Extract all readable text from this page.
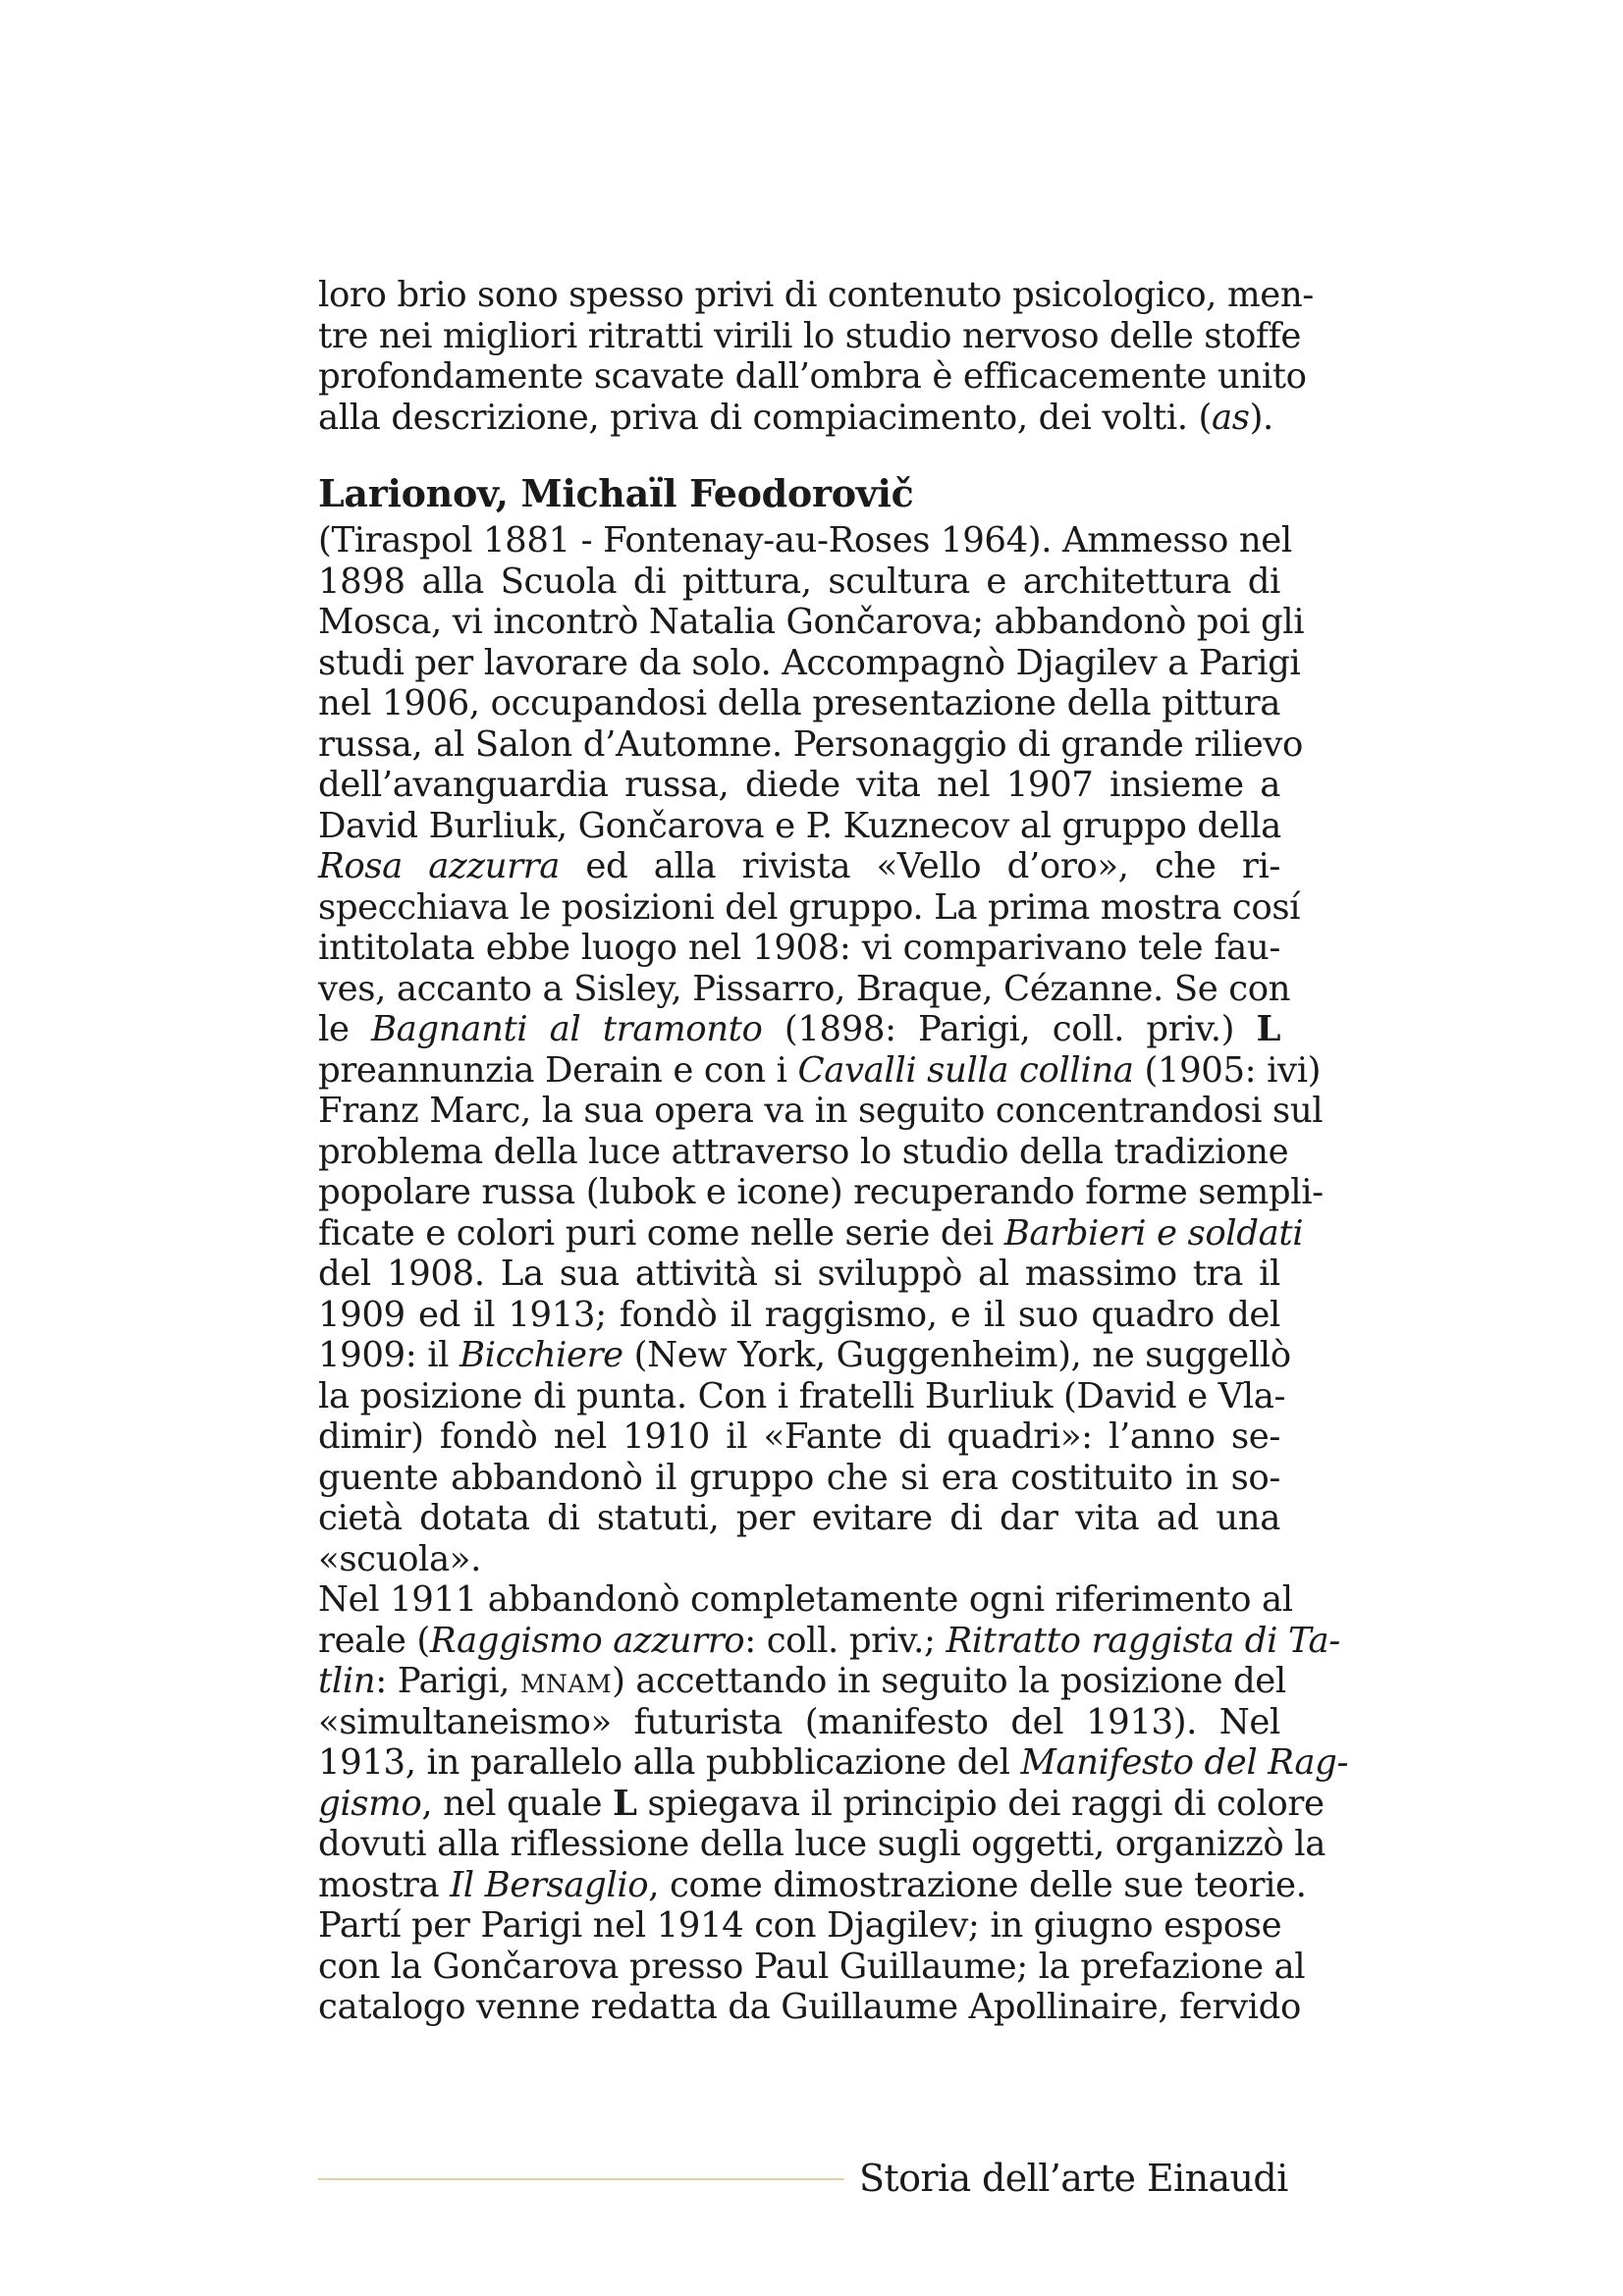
loro brio sono spesso privi di contenuto psicologico, men-
tre nei migliori ritratti virili lo studio nervoso delle stoffe
profondamente scavate dall’ombra è efficacemente unito
alla descrizione, priva di compiacimento, dei volti. (as).
Larionov, Michaïl Feodorovič
(Tiraspol 1881 - Fontenay-au-Roses 1964). Ammesso nel
1898 alla Scuola di pittura, scultura e architettura di
Mosca, vi incontrò Natalia Gončarova; abbandonò poi gli
studi per lavorare da solo. Accompagnò Djagilev a Parigi
nel 1906, occupandosi della presentazione della pittura
russa, al Salon d’Automne. Personaggio di grande rilievo
dell’avanguardia russa, diede vita nel 1907 insieme a
David Burliuk, Gončarova e P. Kuznecov al gruppo della
Rosa azzurra ed alla rivista «Vello d’oro», che ri-
specchiava le posizioni del gruppo. La prima mostra cosí
intitolata ebbe luogo nel 1908: vi comparivano tele fau-
ves, accanto a Sisley, Pissarro, Braque, Cézanne. Se con
le Bagnanti al tramonto (1898: Parigi, coll. priv.) L
preannunzia Derain e con i Cavalli sulla collina (1905: ivi)
Franz Marc, la sua opera va in seguito concentrandosi sul
problema della luce attraverso lo studio della tradizione
popolare russa (lubok e icone) recuperando forme sempli-
ficate e colori puri come nelle serie dei Barbieri e soldati
del 1908. La sua attività si sviluppò al massimo tra il
1909 ed il 1913; fondò il raggismo, e il suo quadro del
1909: il Bicchiere (New York, Guggenheim), ne suggellò
la posizione di punta. Con i fratelli Burliuk (David e Vla-
dimir) fondò nel 1910 il «Fante di quadri»: l’anno se-
guente abbandonò il gruppo che si era costituito in so-
cietà dotata di statuti, per evitare di dar vita ad una
«scuola».
Nel 1911 abbandonò completamente ogni riferimento al
reale (Raggismo azzurro: coll. priv.; Ritratto raggista di Ta-
tlin: Parigi, mnam) accettando in seguito la posizione del
«simultaneismo» futurista (manifesto del 1913). Nel
1913, in parallelo alla pubblicazione del Manifesto del Rag-
gismo, nel quale L spiegava il principio dei raggi di colore
dovuti alla riflessione della luce sugli oggetti, organizzò la
mostra Il Bersaglio, come dimostrazione delle sue teorie.
Partí per Parigi nel 1914 con Djagilev; in giugno espose
con la Gončarova presso Paul Guillaume; la prefazione al
catalogo venne redatta da Guillaume Apollinaire, fervido
Storia dell’arte Einaudi
